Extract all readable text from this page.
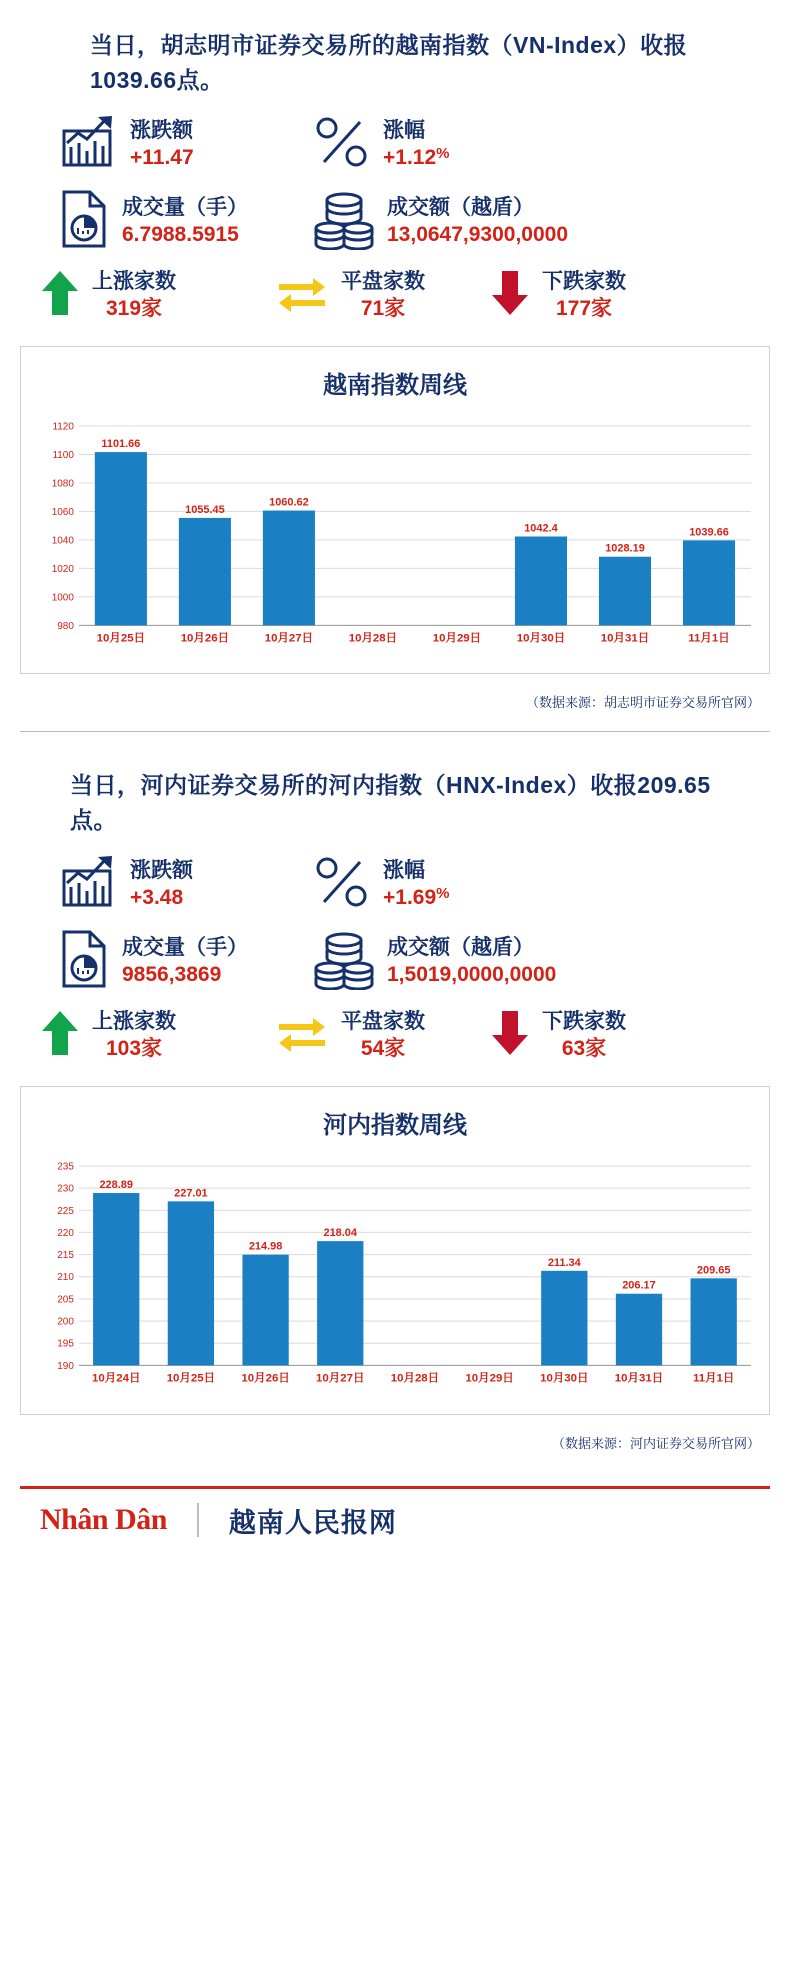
当日，胡志明市证券交易所的越南指数（VN-Index）收报1039.66点。
涨跌额
+11.47
涨幅
+1.12%
成交量（手）
6.7988.5915
成交额（越盾）
13,0647,9300,0000
上涨家数
319家
平盘家数
71家
下跌家数
177家
越南指数周线
980
1000
1020
1040
1060
1080
1100
1120
1101.66
10月25日
1055.45
10月26日
1060.62
10月27日	10月28日	10月29日
1042.4
10月30日
1028.19
10月31日
1039.66
11月1日
（数据来源：胡志明市证券交易所官网）
当日，河内证券交易所的河内指数（HNX-Index）收报209.65点。
涨跌额
+3.48
涨幅
+1.69%
成交量（手）
9856,3869
成交额（越盾）
1,5019,0000,0000
上涨家数
103家
平盘家数
54家
下跌家数
63家
河内指数周线
190
195
200
205
210
215
220
225
230
235
228.89
10月24日
227.01
10月25日
214.98
10月26日
218.04
10月27日 10月28日 10月29日
211.34
10月30日
206.17
10月31日
209.65
11月1日
（数据来源：河内证券交易所官网）
Nhân Dân 越南人民报网
